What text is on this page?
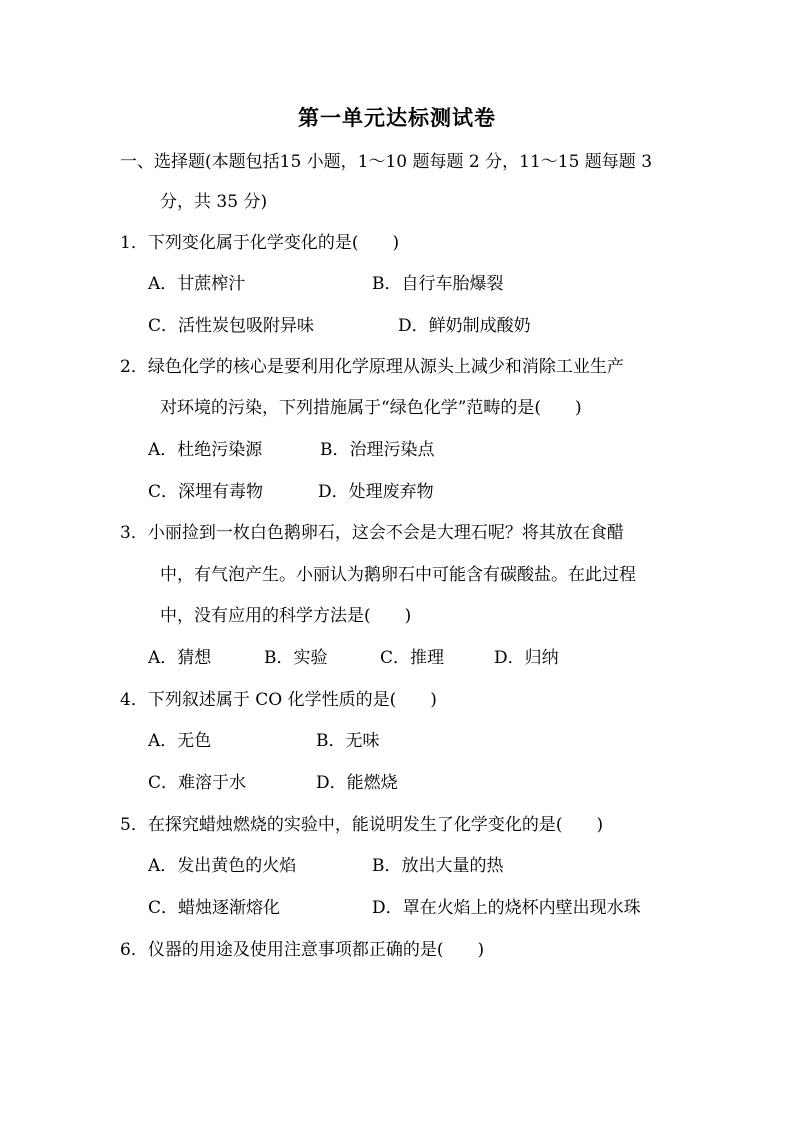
第一单元达标测试卷
一、选择题(本题包括15 小题，1～10 题每题 2 分，11～15 题每题 3
分，共 35 分)
1．下列变化属于化学变化的是(　　)
A．甘蔗榨汁	B．自行车胎爆裂
C．活性炭包吸附异味	D．鲜奶制成酸奶
2．绿色化学的核心是要利用化学原理从源头上减少和消除工业生产
对环境的污染，下列措施属于“绿色化学”范畴的是(　　)
A．杜绝污染源	B．治理污染点
C．深埋有毒物	D．处理废弃物
3．小丽捡到一枚白色鹅卵石，这会不会是大理石呢？将其放在食醋
中，有气泡产生。小丽认为鹅卵石中可能含有碳酸盐。在此过程
中，没有应用的科学方法是(　　)
A．猜想	B．实验	C．推理	D．归纳
4．下列叙述属于 CO 化学性质的是(　　)
A．无色	B．无味
C．难溶于水	D．能燃烧
5．在探究蜡烛燃烧的实验中，能说明发生了化学变化的是(　　)
A．发出黄色的火焰	B．放出大量的热
C．蜡烛逐渐熔化	D．罩在火焰上的烧杯内壁出现水珠
6．仪器的用途及使用注意事项都正确的是(　　)
